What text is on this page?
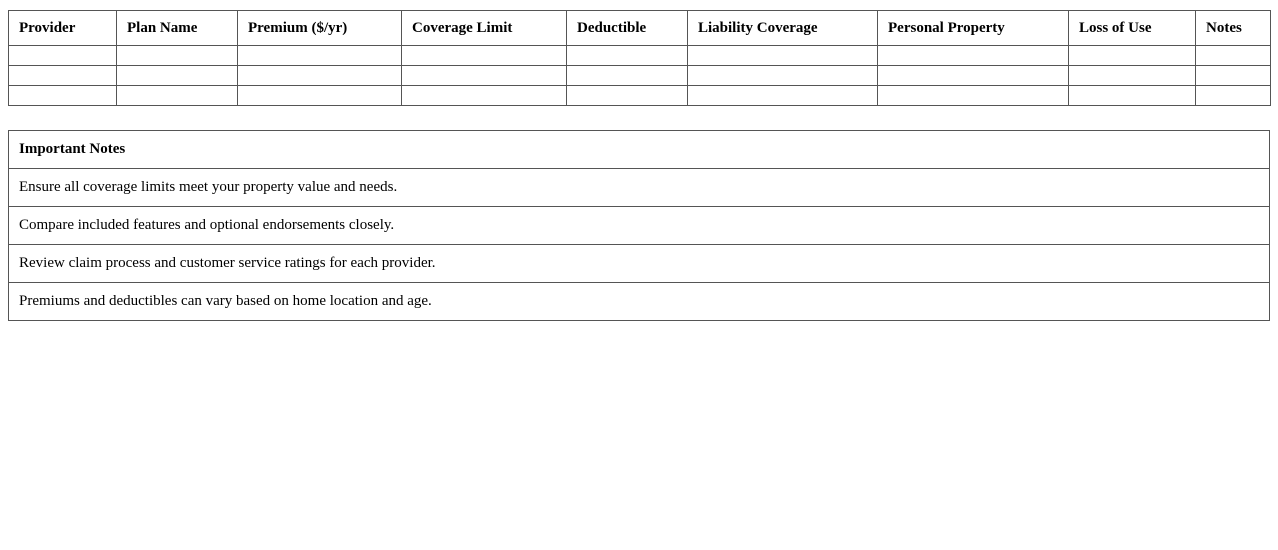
Provider	Plan Name	Premium ($/yr)	Coverage Limit	Deductible	Liability Coverage	Personal Property	Loss of Use	Notes

Important Notes
Ensure all coverage limits meet your property value and needs.
Compare included features and optional endorsements closely.
Review claim process and customer service ratings for each provider.
Premiums and deductibles can vary based on home location and age.
